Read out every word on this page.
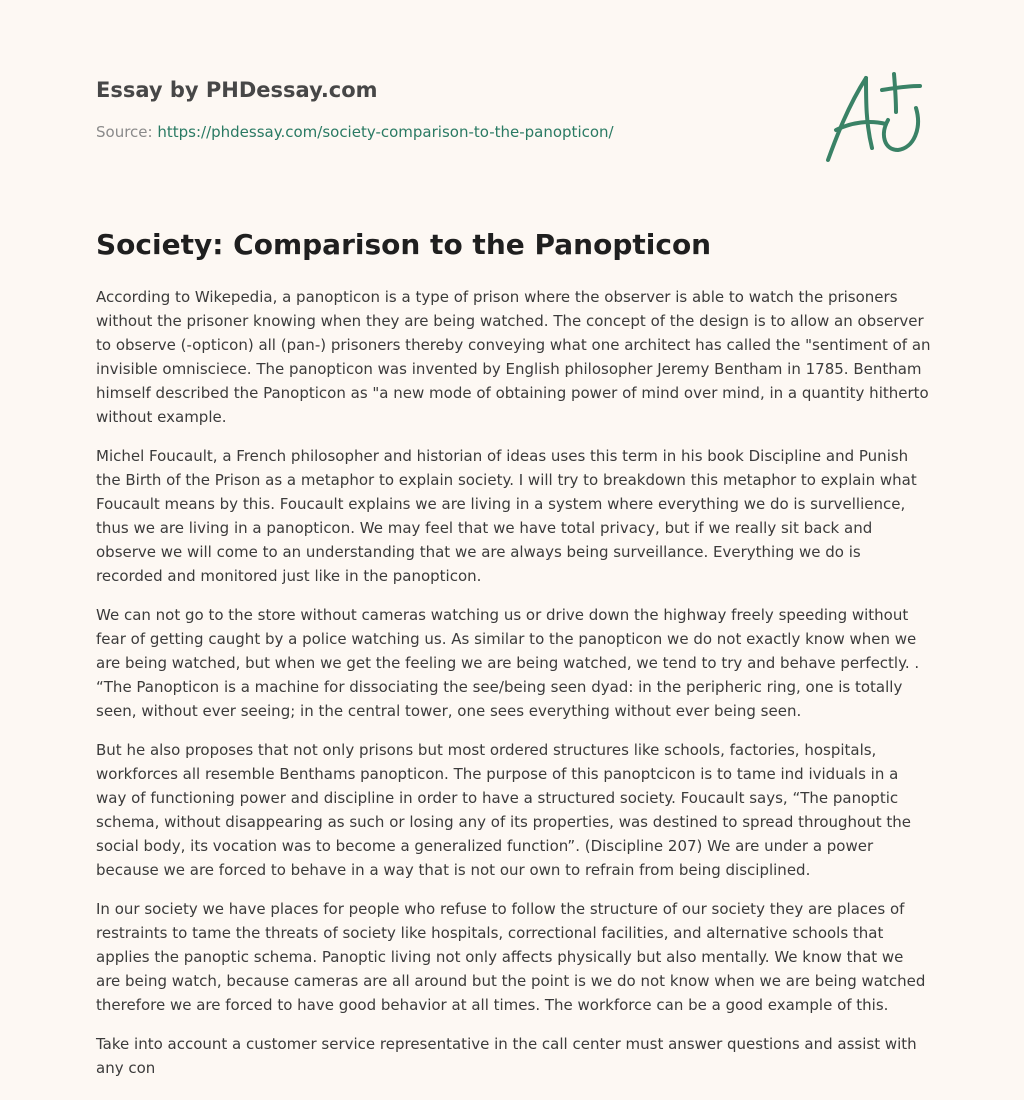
Essay by PHDessay.com
Source: https://phdessay.com/society-comparison-to-the-panopticon/
Society: Comparison to the Panopticon

According to Wikepedia, a panopticon is a type of prison where the observer is able to watch the prisoners without the prisoner knowing when they are being watched. The concept of the design is to allow an observer to observe (-opticon) all (pan-) prisoners thereby conveying what one architect has called the "sentiment of an invisible omnisciece. The panopticon was invented by English philosopher Jeremy Bentham in 1785. Bentham himself described the Panopticon as "a new mode of obtaining power of mind over mind, in a quantity hitherto without example.

Michel Foucault, a French philosopher and historian of ideas uses this term in his book Discipline and Punish the Birth of the Prison as a metaphor to explain society. I will try to breakdown this metaphor to explain what Foucault means by this. Foucault explains we are living in a system where everything we do is survellience, thus we are living in a panopticon. We may feel that we have total privacy, but if we really sit back and observe we will come to an understanding that we are always being surveillance. Everything we do is recorded and monitored just like in the panopticon.

We can not go to the store without cameras watching us or drive down the highway freely speeding without fear of getting caught by a police watching us. As similar to the panopticon we do not exactly know when we are being watched, but when we get the feeling we are being watched, we tend to try and behave perfectly. . “The Panopticon is a machine for dissociating the see/being seen dyad: in the peripheric ring, one is totally seen, without ever seeing; in the central tower, one sees everything without ever being seen.

But he also proposes that not only prisons but most ordered structures like schools, factories, hospitals, workforces all resemble Benthams panopticon. The purpose of this panoptcicon is to tame ind ividuals in a way of functioning power and discipline in order to have a structured society. Foucault says, “The panoptic schema, without disappearing as such or losing any of its properties, was destined to spread throughout the social body, its vocation was to become a generalized function”. (Discipline 207) We are under a power because we are forced to behave in a way that is not our own to refrain from being disciplined.

In our society we have places for people who refuse to follow the structure of our society they are places of restraints to tame the threats of society like hospitals, correctional facilities, and alternative schools that applies the panoptic schema. Panoptic living not only affects physically but also mentally. We know that we are being watch, because cameras are all around but the point is we do not know when we are being watched therefore we are forced to have good behavior at all times. The workforce can be a good example of this.

Take into account a customer service representative in the call center must answer questions and assist with any con
